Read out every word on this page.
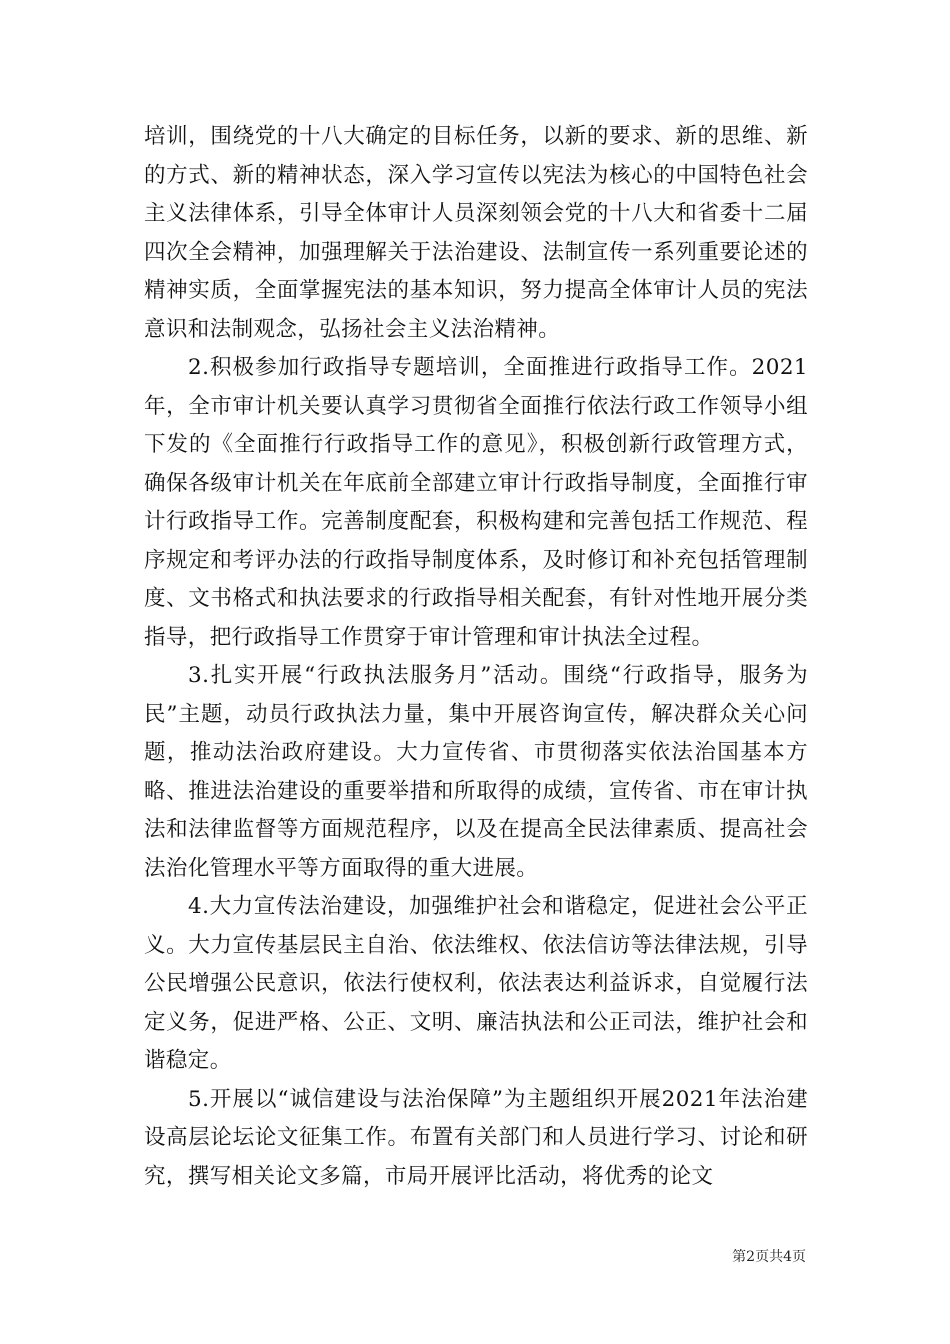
培训，围绕党的十八大确定的目标任务，以新的要求、新的思维、新的方式、新的精神状态，深入学习宣传以宪法为核心的中国特色社会主义法律体系，引导全体审计人员深刻领会党的十八大和省委十二届四次全会精神，加强理解关于法治建设、法制宣传一系列重要论述的精神实质，全面掌握宪法的基本知识，努力提高全体审计人员的宪法意识和法制观念，弘扬社会主义法治精神。

2.积极参加行政指导专题培训，全面推进行政指导工作。2021年，全市审计机关要认真学习贯彻省全面推行依法行政工作领导小组下发的《全面推行行政指导工作的意见》，积极创新行政管理方式，确保各级审计机关在年底前全部建立审计行政指导制度，全面推行审计行政指导工作。完善制度配套，积极构建和完善包括工作规范、程序规定和考评办法的行政指导制度体系，及时修订和补充包括管理制度、文书格式和执法要求的行政指导相关配套，有针对性地开展分类指导，把行政指导工作贯穿于审计管理和审计执法全过程。

3.扎实开展“行政执法服务月”活动。围绕“行政指导，服务为民”主题，动员行政执法力量，集中开展咨询宣传，解决群众关心问题，推动法治政府建设。大力宣传省、市贯彻落实依法治国基本方略、推进法治建设的重要举措和所取得的成绩，宣传省、市在审计执法和法律监督等方面规范程序，以及在提高全民法律素质、提高社会法治化管理水平等方面取得的重大进展。

4.大力宣传法治建设，加强维护社会和谐稳定，促进社会公平正义。大力宣传基层民主自治、依法维权、依法信访等法律法规，引导公民增强公民意识，依法行使权利，依法表达利益诉求，自觉履行法定义务，促进严格、公正、文明、廉洁执法和公正司法，维护社会和谐稳定。

5.开展以“诚信建设与法治保障”为主题组织开展2021年法治建设高层论坛论文征集工作。布置有关部门和人员进行学习、讨论和研究，撰写相关论文多篇，市局开展评比活动，将优秀的论文

第2页共4页
